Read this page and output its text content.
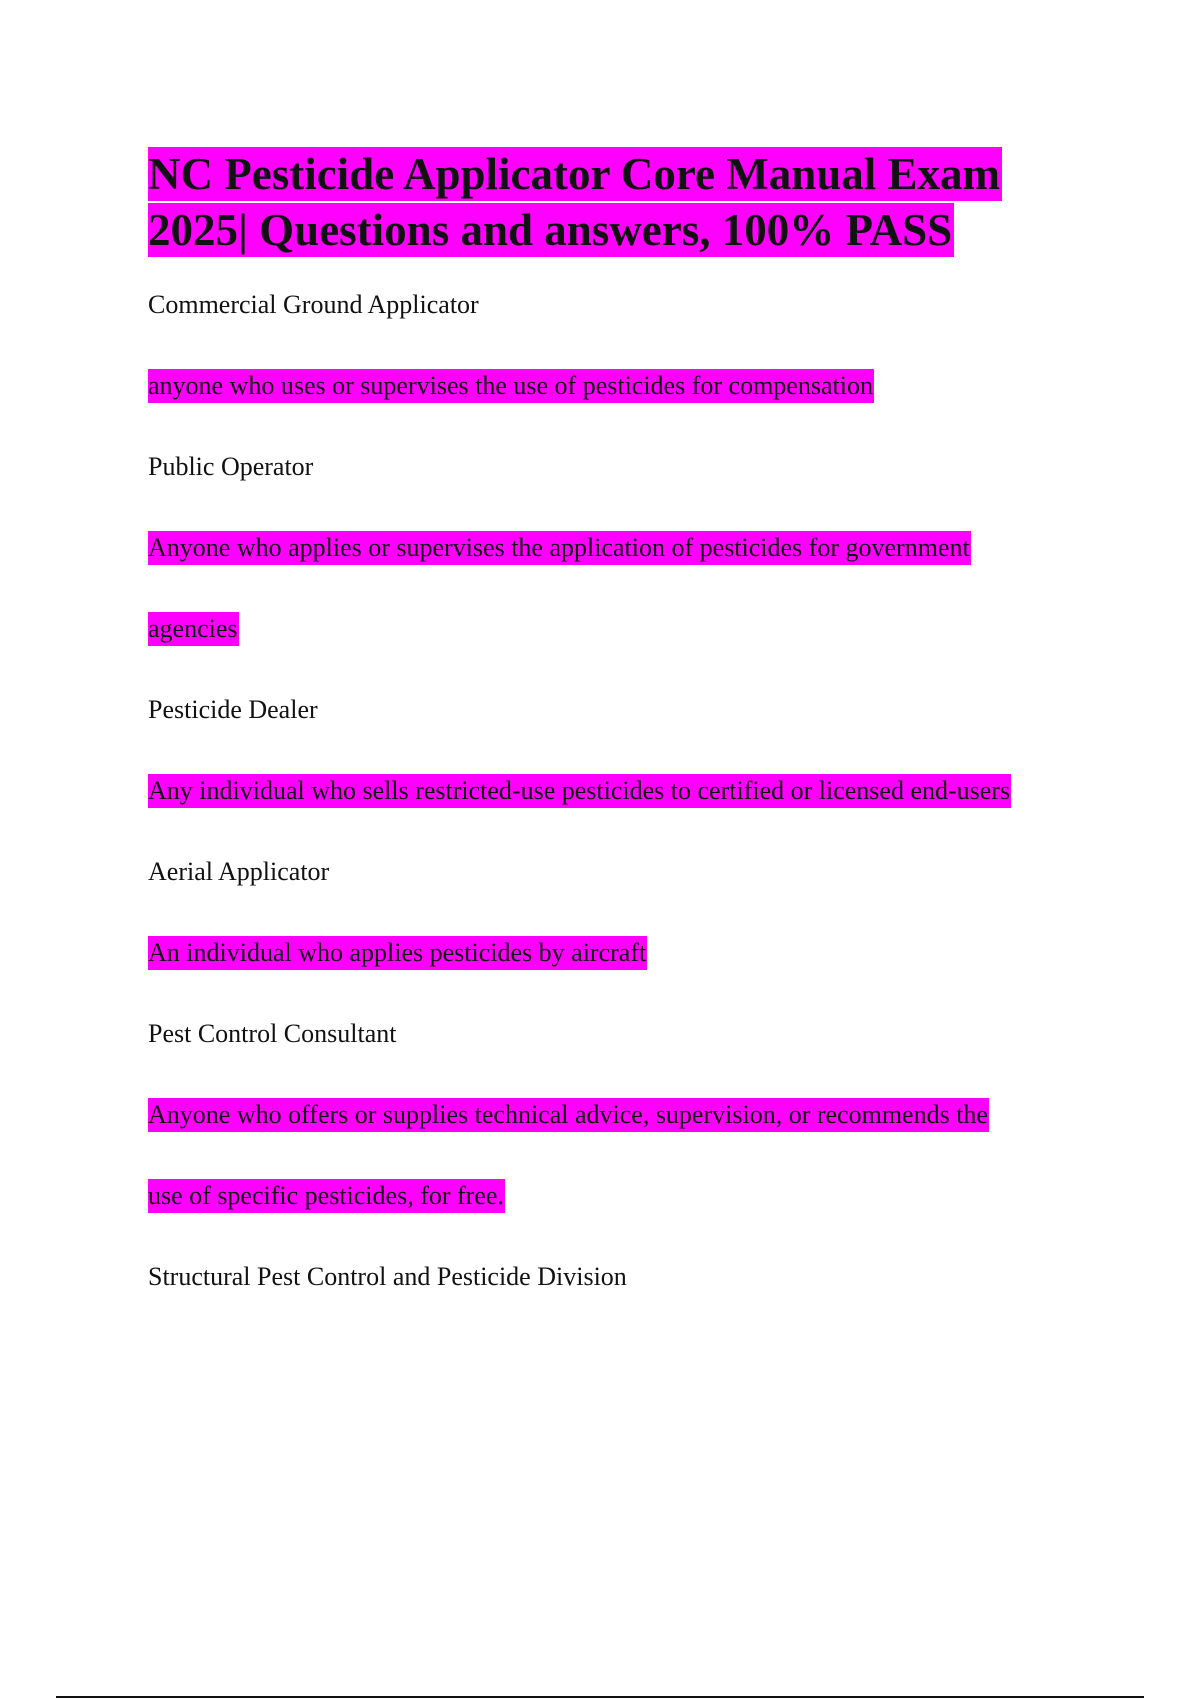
NC Pesticide Applicator Core Manual Exam 2025| Questions and answers, 100% PASS

Commercial Ground Applicator

anyone who uses or supervises the use of pesticides for compensation

Public Operator

Anyone who applies or supervises the application of pesticides for government

agencies

Pesticide Dealer

Any individual who sells restricted-use pesticides to certified or licensed end-users

Aerial Applicator

An individual who applies pesticides by aircraft

Pest Control Consultant

Anyone who offers or supplies technical advice, supervision, or recommends the

use of specific pesticides, for free.

Structural Pest Control and Pesticide Division
